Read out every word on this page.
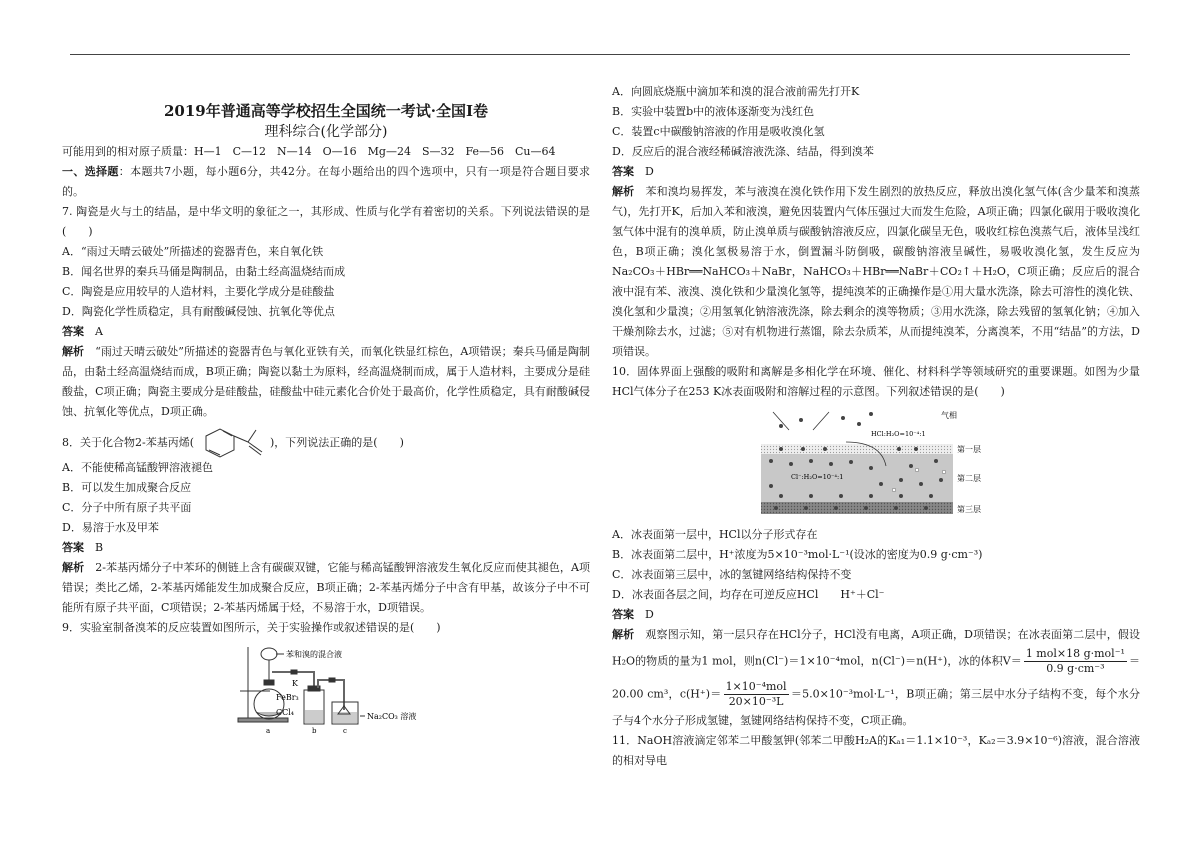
2019年普通高等学校招生全国统一考试·全国Ⅰ卷

理科综合(化学部分)

可能用到的相对原子质量：H—1　C—12　N—14　O—16　Mg—24　S—32　Fe—56　Cu—64

一、选择题：本题共7小题，每小题6分，共42分。在每小题给出的四个选项中，只有一项是符合题目要求的。

7. 陶瓷是火与土的结晶，是中华文明的象征之一，其形成、性质与化学有着密切的关系。下列说法错误的是(　　)

A．“雨过天晴云破处”所描述的瓷器青色，来自氧化铁

B．闻名世界的秦兵马俑是陶制品，由黏土经高温烧结而成

C．陶瓷是应用较早的人造材料，主要化学成分是硅酸盐

D．陶瓷化学性质稳定，具有耐酸碱侵蚀、抗氧化等优点

答案　 A

解析　 “雨过天晴云破处”所描述的瓷器青色与氧化亚铁有关，而氧化铁显红棕色，A项错误；秦兵马俑是陶制品，由黏土经高温烧结而成，B项正确；陶瓷以黏土为原料，经高温烧制而成，属于人造材料，主要成分是硅酸盐，C项正确；陶瓷主要成分是硅酸盐，硅酸盐中硅元素化合价处于最高价，化学性质稳定，具有耐酸碱侵蚀、抗氧化等优点，D项正确。

8．关于化合物2-苯基丙烯(	)，下列说法正确的是(　　)

A．不能使稀高锰酸钾溶液褪色

B．可以发生加成聚合反应

C．分子中所有原子共平面

D．易溶于水及甲苯

答案　 B

解析　 2-苯基丙烯分子中苯环的侧链上含有碳碳双键，它能与稀高锰酸钾溶液发生氧化反应而使其褪色，A项错误；类比乙烯，2-苯基丙烯能发生加成聚合反应，B项正确；2-苯基丙烯分子中含有甲基，故该分子中不可能所有原子共平面，C项错误；2-苯基丙烯属于烃，不易溶于水，D项错误。

9．实验室制备溴苯的反应装置如图所示，关于实验操作或叙述错误的是(　　)

苯和溴的混合液
K
FeBr₃
CCl₄	Na₂CO₃ 溶液
a	b	c

A．向圆底烧瓶中滴加苯和溴的混合液前需先打开K

B．实验中装置b中的液体逐渐变为浅红色

C．装置c中碳酸钠溶液的作用是吸收溴化氢

D．反应后的混合液经稀碱溶液洗涤、结晶，得到溴苯

答案　 D

解析　 苯和溴均易挥发，苯与液溴在溴化铁作用下发生剧烈的放热反应，释放出溴化氢气体(含少量苯和溴蒸气)，先打开K，后加入苯和液溴，避免因装置内气体压强过大而发生危险，A项正确；四氯化碳用于吸收溴化氢气体中混有的溴单质，防止溴单质与碳酸钠溶液反应，四氯化碳呈无色，吸收红棕色溴蒸气后，液体呈浅红色，B项正确；溴化氢极易溶于水，倒置漏斗防倒吸，碳酸钠溶液呈碱性，易吸收溴化氢，发生反应为 Na₂CO₃＋HBr══NaHCO₃＋NaBr，NaHCO₃＋HBr══NaBr＋CO₂↑＋H₂O，C项正确；反应后的混合液中混有苯、液溴、溴化铁和少量溴化氢等，提纯溴苯的正确操作是①用大量水洗涤，除去可溶性的溴化铁、溴化氢和少量溴；②用氢氧化钠溶液洗涤，除去剩余的溴等物质；③用水洗涤，除去残留的氢氧化钠；④加入干燥剂除去水，过滤；⑤对有机物进行蒸馏，除去杂质苯，从而提纯溴苯，分离溴苯，不用“结晶”的方法，D项错误。

10．固体界面上强酸的吸附和离解是多相化学在环境、催化、材料科学等领域研究的重要课题。如图为少量HCl气体分子在253 K冰表面吸附和溶解过程的示意图。下列叙述错误的是(　　)

气相
HCl:H₂O=10⁻⁴:1
Cl⁻:H₂O=10⁻⁴:1
第一层
第二层
第三层

A．冰表面第一层中，HCl以分子形式存在

B．冰表面第二层中，H⁺浓度为5×10⁻³mol·L⁻¹(设冰的密度为0.9 g·cm⁻³)

C．冰表面第三层中，冰的氢键网络结构保持不变

D．冰表面各层之间，均存在可逆反应HCl　　H⁺＋Cl⁻

答案　 D

解析　 观察图示知，第一层只存在HCl分子，HCl没有电离，A项正确，D项错误；在冰表面第二层中，假设H₂O的物质的量为1 mol，则n(Cl⁻)＝1×10⁻⁴mol，n(Cl⁻)＝n(H⁺)，冰的体积$V= \frac{\text{1 mol×18 g·mol⁻¹}}{\text{0.9 g·cm⁻³}} =20.00$ cm³，$c(H^+)= \frac{\text{1×10⁻⁴mol}}{\text{20×10⁻³L}} =5.0\times 10^{-3}mol\cdot L^{-1}$，B项正确；第三层中水分子结构不变，每个水分子与4个水分子形成氢键，氢键网络结构保持不变，C项正确。

11．NaOH溶液滴定邻苯二甲酸氢钾(邻苯二甲酸H₂A的Kₐ₁＝1.1×10⁻³，Kₐ₂＝3.9×10⁻⁶)溶液，混合溶液的相对导电
